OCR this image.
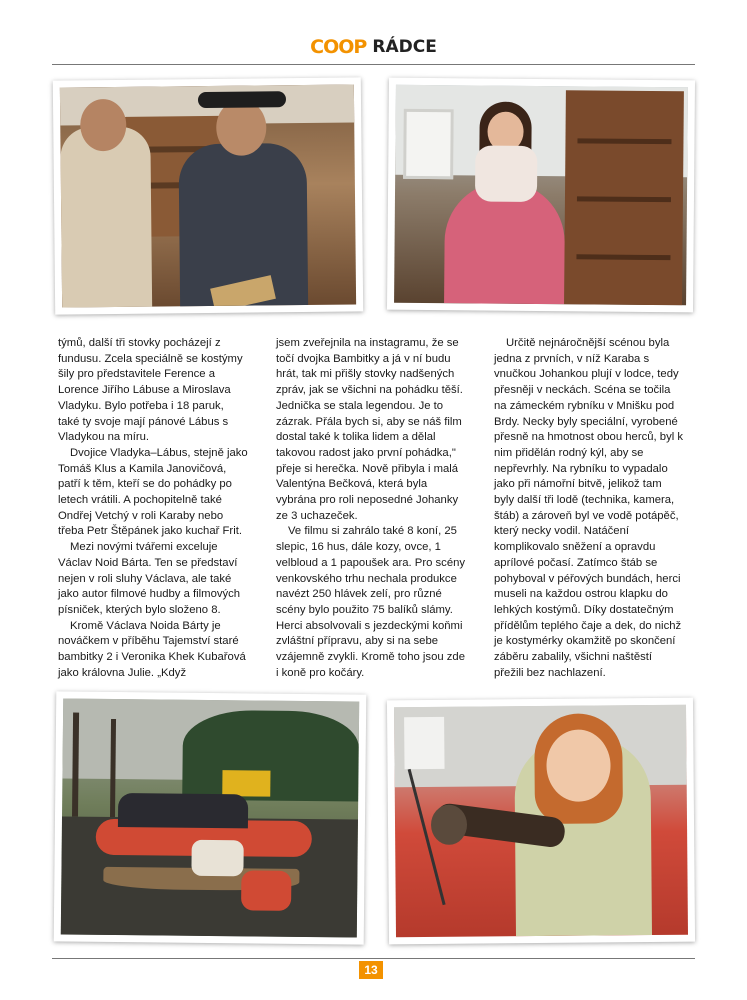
COOP RÁDCE

týmů, další tři stovky pocházejí z fundusu. Zcela speciálně se kostýmy šily pro představitele Ference a Lorence Jiřího Lábuse a Miroslava Vladyku. Bylo potřeba i 18 paruk, také ty svoje mají pánové Lábus s Vladykou na míru.

Dvojice Vladyka–Lábus, stejně jako Tomáš Klus a Kamila Janovičová, patří k těm, kteří se do pohádky po letech vrátili. A pochopitelně také Ondřej Vetchý v roli Karaby nebo třeba Petr Štěpánek jako kuchař Frit.

Mezi novými tvářemi exceluje Václav Noid Bárta. Ten se představí nejen v roli sluhy Václava, ale také jako autor filmové hudby a filmových písniček, kterých bylo složeno 8.

Kromě Václava Noida Bárty je nováčkem v příběhu Tajemství staré bambitky 2 i Veronika Khek Kubařová jako královna Julie. „Když

jsem zveřejnila na instagramu, že se točí dvojka Bambitky a já v ní budu hrát, tak mi přišly stovky nadšených zpráv, jak se všichni na pohádku těší. Jednička se stala legendou. Je to zázrak. Přála bych si, aby se náš film dostal také k tolika lidem a dělal takovou radost jako první pohádka," přeje si herečka. Nově přibyla i malá Valentýna Bečková, která byla vybrána pro roli neposedné Johanky ze 3 uchazeček.

Ve filmu si zahrálo také 8 koní, 25 slepic, 16 hus, dále kozy, ovce, 1 velbloud a 1 papoušek ara. Pro scény venkovského trhu nechala produkce navézt 250 hlávek zelí, pro různé scény bylo použito 75 balíků slámy. Herci absolvovali s jezdeckými koňmi zvláštní přípravu, aby si na sebe vzájemně zvykli. Kromě toho jsou zde i koně pro kočáry.

Určitě nejnáročnější scénou byla jedna z prvních, v níž Karaba s vnučkou Johankou plují v lodce, tedy přesněji v neckách. Scéna se točila na zámeckém rybníku v Mnišku pod Brdy. Necky byly speciální, vyrobené přesně na hmotnost obou herců, byl k nim přidělán rodný kýl, aby se nepřevrhly. Na rybníku to vypadalo jako při námořní bitvě, jelikož tam byly další tři lodě (technika, kamera, štáb) a zároveň byl ve vodě potápěč, který necky vodil. Natáčení komplikovalo sněžení a opravdu aprílové počasí. Zatímco štáb se pohyboval v péřových bundách, herci museli na každou ostrou klapku do lehkých kostýmů. Díky dostatečným přídělům teplého čaje a dek, do nichž je kostymérky okamžitě po skončení záběru zabalily, všichni naštěstí přežili bez nachlazení.

13
